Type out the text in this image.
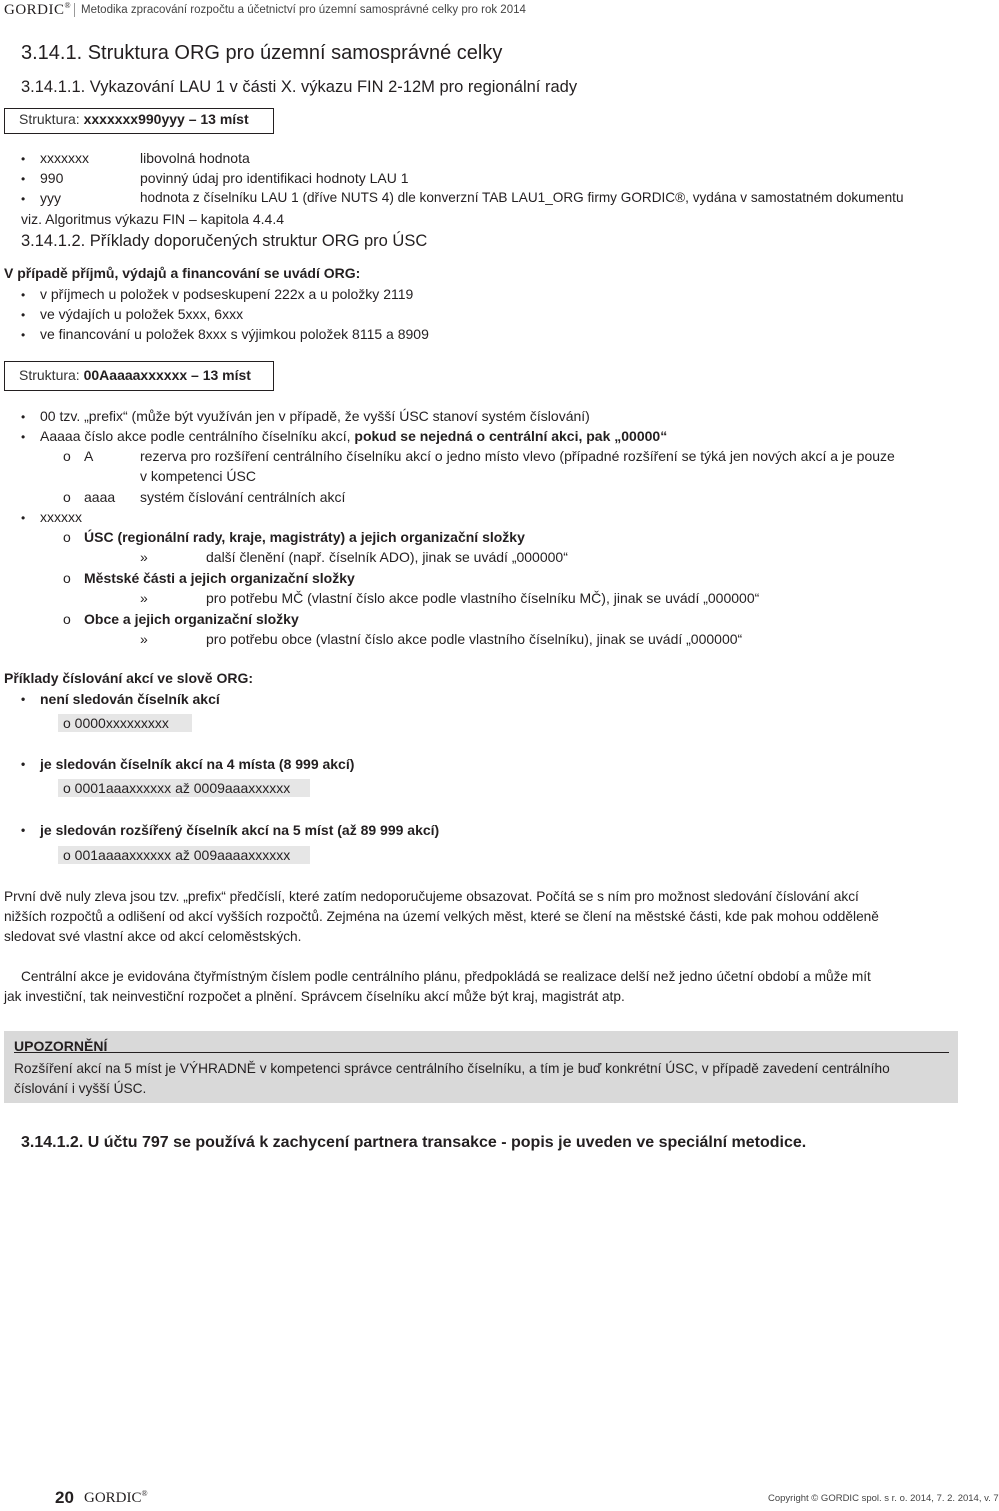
GORDIC® Metodika zpracování rozpočtu a účetnictví pro územní samosprávné celky pro rok 2014
3.14.1. Struktura ORG pro územní samosprávné celky
3.14.1.1. Vykazování LAU 1 v části X. výkazu FIN 2-12M pro regionální rady
Struktura: xxxxxxx990yyy – 13 míst
• xxxxxxx	libovolná hodnota
• 990	povinný údaj pro identifikaci hodnoty LAU 1
• yyy	hodnota z číselníku LAU 1 (dříve NUTS 4) dle konverzní TAB LAU1_ORG firmy GORDIC®, vydána v samostatném dokumentu
viz. Algoritmus výkazu FIN – kapitola 4.4.4
3.14.1.2. Příklady doporučených struktur ORG pro ÚSC
V případě příjmů, výdajů a financování se uvádí ORG:
• v příjmech u položek v podseskupení 222x a u položky 2119
• ve výdajích u položek 5xxx, 6xxx
• ve financování u položek 8xxx s výjimkou položek 8115 a 8909
Struktura: 00Aaaaaxxxxxx – 13 míst
• 00 tzv. „prefix“ (může být využíván jen v případě, že vyšší ÚSC stanoví systém číslování)
• Aaaaa číslo akce podle centrálního číselníku akcí, pokud se nejedná o centrální akci, pak „00000“
o A	rezerva pro rozšíření centrálního číselníku akcí o jedno místo vlevo (případné rozšíření se týká jen nových akcí a je pouze
v kompetenci ÚSC
o aaaa systém číslování centrálních akcí
• xxxxxx
o ÚSC (regionální rady, kraje, magistráty) a jejich organizační složky
»	další členění (např. číselník ADO), jinak se uvádí „000000“
o Městské části a jejich organizační složky
»	pro potřebu MČ (vlastní číslo akce podle vlastního číselníku MČ), jinak se uvádí „000000“
o Obce a jejich organizační složky
»	pro potřebu obce (vlastní číslo akce podle vlastního číselníku), jinak se uvádí „000000“
Příklady číslování akcí ve slově ORG:
• není sledován číselník akcí
o 0000xxxxxxxxx
• je sledován číselník akcí na 4 místa (8 999 akcí)
o 0001aaaxxxxxx až 0009aaaxxxxxx
• je sledován rozšířený číselník akcí na 5 míst (až 89 999 akcí)
o 001aaaaxxxxxx až 009aaaaxxxxxx
První dvě nuly zleva jsou tzv. „prefix“ předčíslí, které zatím nedoporučujeme obsazovat. Počítá se s ním pro možnost sledování číslování akcí
nižších rozpočtů a odlišení od akcí vyšších rozpočtů. Zejména na území velkých měst, které se člení na městské části, kde pak mohou odděleně
sledovat své vlastní akce od akcí celoměstských.
Centrální akce je evidována čtyřmístným číslem podle centrálního plánu, předpokládá se realizace delší než jedno účetní období a může mít
jak investiční, tak neinvestiční rozpočet a plnění. Správcem číselníku akcí může být kraj, magistrát atp.
UPOZORNĚNÍ
Rozšíření akcí na 5 míst je VÝHRADNĚ v kompetenci správce centrálního číselníku, a tím je buď konkrétní ÚSC, v případě zavedení centrálního
číslování i vyšší ÚSC.
3.14.1.2. U účtu 797 se používá k zachycení partnera transakce - popis je uveden ve speciální metodice.
20 GORDIC®	Copyright © GORDIC spol. s r. o. 2014, 7. 2. 2014, v. 7
